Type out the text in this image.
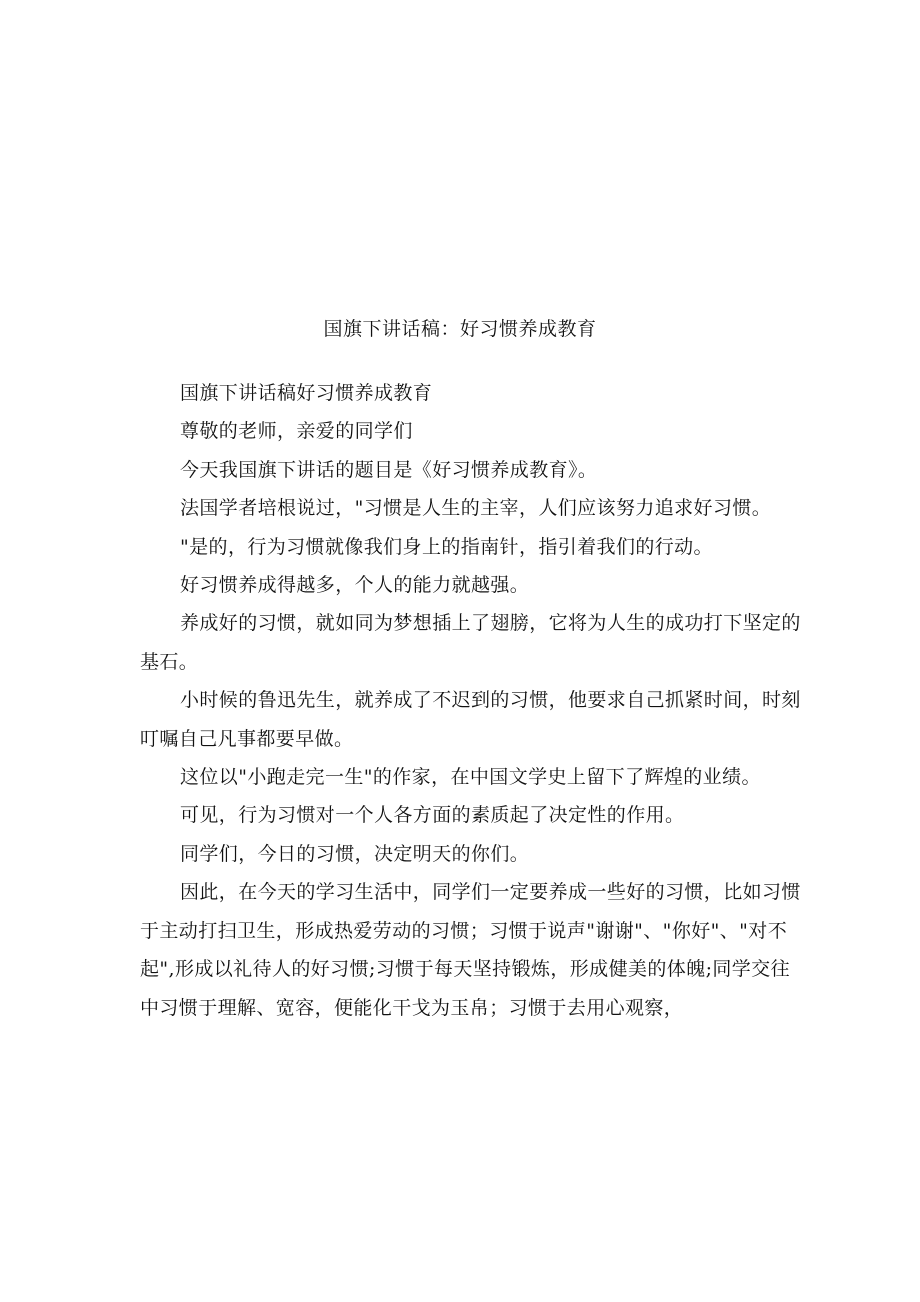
国旗下讲话稿：好习惯养成教育

国旗下讲话稿好习惯养成教育

尊敬的老师，亲爱的同学们

今天我国旗下讲话的题目是《好习惯养成教育》。

法国学者培根说过，"习惯是人生的主宰，人们应该努力追求好习惯。

"是的，行为习惯就像我们身上的指南针，指引着我们的行动。

好习惯养成得越多，个人的能力就越强。

养成好的习惯，就如同为梦想插上了翅膀，它将为人生的成功打下坚定的基石。

小时候的鲁迅先生，就养成了不迟到的习惯，他要求自己抓紧时间，时刻叮嘱自己凡事都要早做。

这位以"小跑走完一生"的作家，在中国文学史上留下了辉煌的业绩。

可见，行为习惯对一个人各方面的素质起了决定性的作用。

同学们，今日的习惯，决定明天的你们。

因此，在今天的学习生活中，同学们一定要养成一些好的习惯，比如习惯于主动打扫卫生，形成热爱劳动的习惯；习惯于说声"谢谢"、"你好"、"对不起",形成以礼待人的好习惯;习惯于每天坚持锻炼，形成健美的体魄;同学交往中习惯于理解、宽容，便能化干戈为玉帛；习惯于去用心观察，
